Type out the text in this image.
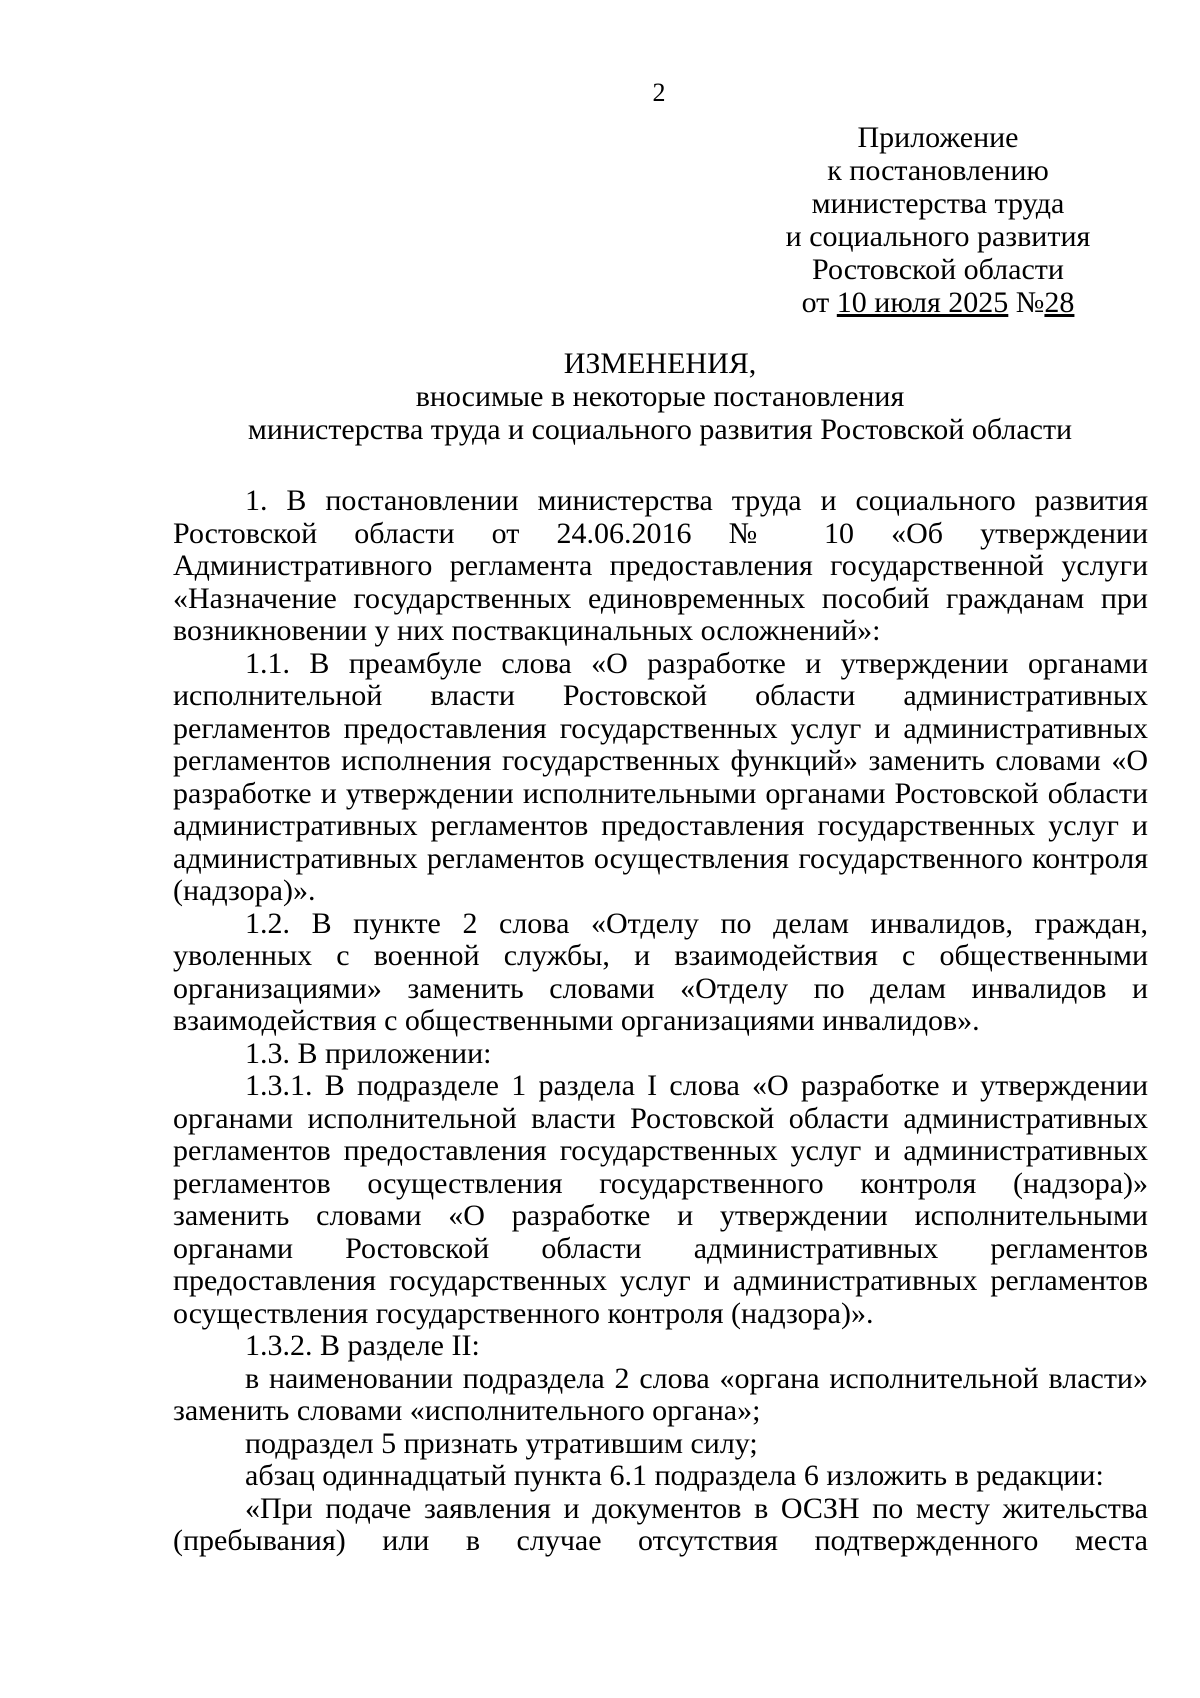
2
Приложение
к постановлению
министерства труда
и социального развития
Ростовской области
от 10 июля 2025 №28
ИЗМЕНЕНИЯ,
вносимые в некоторые постановления
министерства труда и социального развития Ростовской области

1. В постановлении министерства труда и социального развития Ростовской области от 24.06.2016 № 10 «Об утверждении Административного регламента предоставления государственной услуги «Назначение государственных единовременных пособий гражданам при возникновении у них поствакцинальных осложнений»:

1.1. В преамбуле слова «О разработке и утверждении органами исполнительной власти Ростовской области административных регламентов предоставления государственных услуг и административных регламентов исполнения государственных функций» заменить словами «О разработке и утверждении исполнительными органами Ростовской области административных регламентов предоставления государственных услуг и административных регламентов осуществления государственного контроля (надзора)».

1.2. В пункте 2 слова «Отделу по делам инвалидов, граждан, уволенных с военной службы, и взаимодействия с общественными организациями» заменить словами «Отделу по делам инвалидов и взаимодействия с общественными организациями инвалидов».

1.3. В приложении:

1.3.1. В подразделе 1 раздела I слова «О разработке и утверждении органами исполнительной власти Ростовской области административных регламентов предоставления государственных услуг и административных регламентов осуществления государственного контроля (надзора)» заменить словами «О разработке и утверждении исполнительными органами Ростовской области административных регламентов предоставления государственных услуг и административных регламентов осуществления государственного контроля (надзора)».

1.3.2. В разделе II:

в наименовании подраздела 2 слова «органа исполнительной власти» заменить словами «исполнительного органа»;

подраздел 5 признать утратившим силу;

абзац одиннадцатый пункта 6.1 подраздела 6 изложить в редакции:

«При подаче заявления и документов в ОСЗН по месту жительства (пребывания) или в случае отсутствия подтвержденного места
